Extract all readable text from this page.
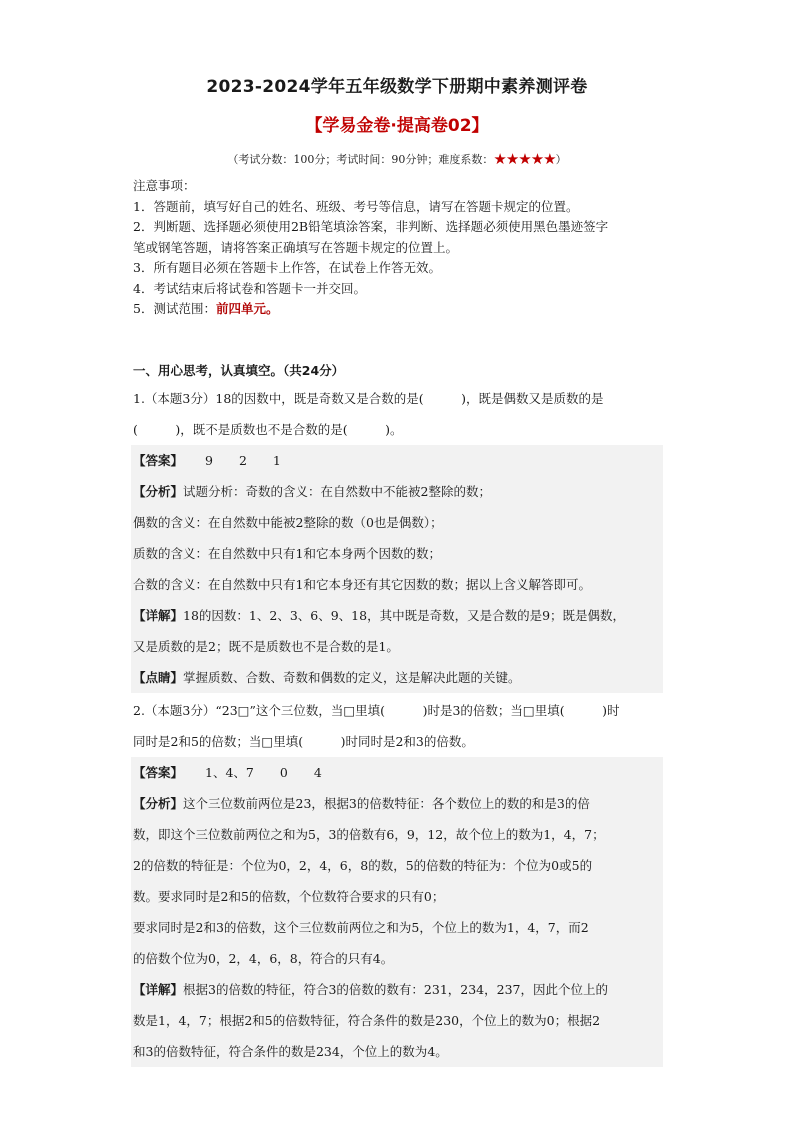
2023-2024学年五年级数学下册期中素养测评卷
【学易金卷·提高卷02】
（考试分数：100分；考试时间：90分钟；难度系数：★★★★★）

注意事项：

1．答题前，填写好自己的姓名、班级、考号等信息，请写在答题卡规定的位置。

2．判断题、选择题必须使用2B铅笔填涂答案，非判断、选择题必须使用黑色墨迹签字

笔或钢笔答题，请将答案正确填写在答题卡规定的位置上。

3．所有题目必须在答题卡上作答，在试卷上作答无效。

4．考试结束后将试卷和答题卡一并交回。

5．测试范围：前四单元。

一、用心思考，认真填空。（共24分）

1.（本题3分）18的因数中，既是奇数又是合数的是(　　　)，既是偶数又是质数的是

(　　　)，既不是质数也不是合数的是(　　　)。

【答案】 9 2 1
【分析】试题分析：奇数的含义：在自然数中不能被2整除的数；
偶数的含义：在自然数中能被2整除的数（0也是偶数）；
质数的含义：在自然数中只有1和它本身两个因数的数；
合数的含义：在自然数中只有1和它本身还有其它因数的数；据以上含义解答即可。
【详解】18的因数：1、2、3、6、9、18，其中既是奇数，又是合数的是9；既是偶数，
又是质数的是2；既不是质数也不是合数的是1。
【点睛】掌握质数、合数、奇数和偶数的定义，这是解决此题的关键。

2.（本题3分）“23□”这个三位数，当□里填(　　　)时是3的倍数；当□里填(　　　)时

同时是2和5的倍数；当□里填(　　　)时同时是2和3的倍数。

【答案】 1、4、7 0 4
【分析】这个三位数前两位是23，根据3的倍数特征：各个数位上的数的和是3的倍
数，即这个三位数前两位之和为5，3的倍数有6，9，12，故个位上的数为1，4，7；
2的倍数的特征是：个位为0，2，4，6，8的数，5的倍数的特征为：个位为0或5的
数。要求同时是2和5的倍数，个位数符合要求的只有0；
要求同时是2和3的倍数，这个三位数前两位之和为5，个位上的数为1，4，7，而2
的倍数个位为0，2，4，6，8，符合的只有4。
【详解】根据3的倍数的特征，符合3的倍数的数有：231，234，237，因此个位上的
数是1，4，7；根据2和5的倍数特征，符合条件的数是230，个位上的数为0；根据2
和3的倍数特征，符合条件的数是234，个位上的数为4。
